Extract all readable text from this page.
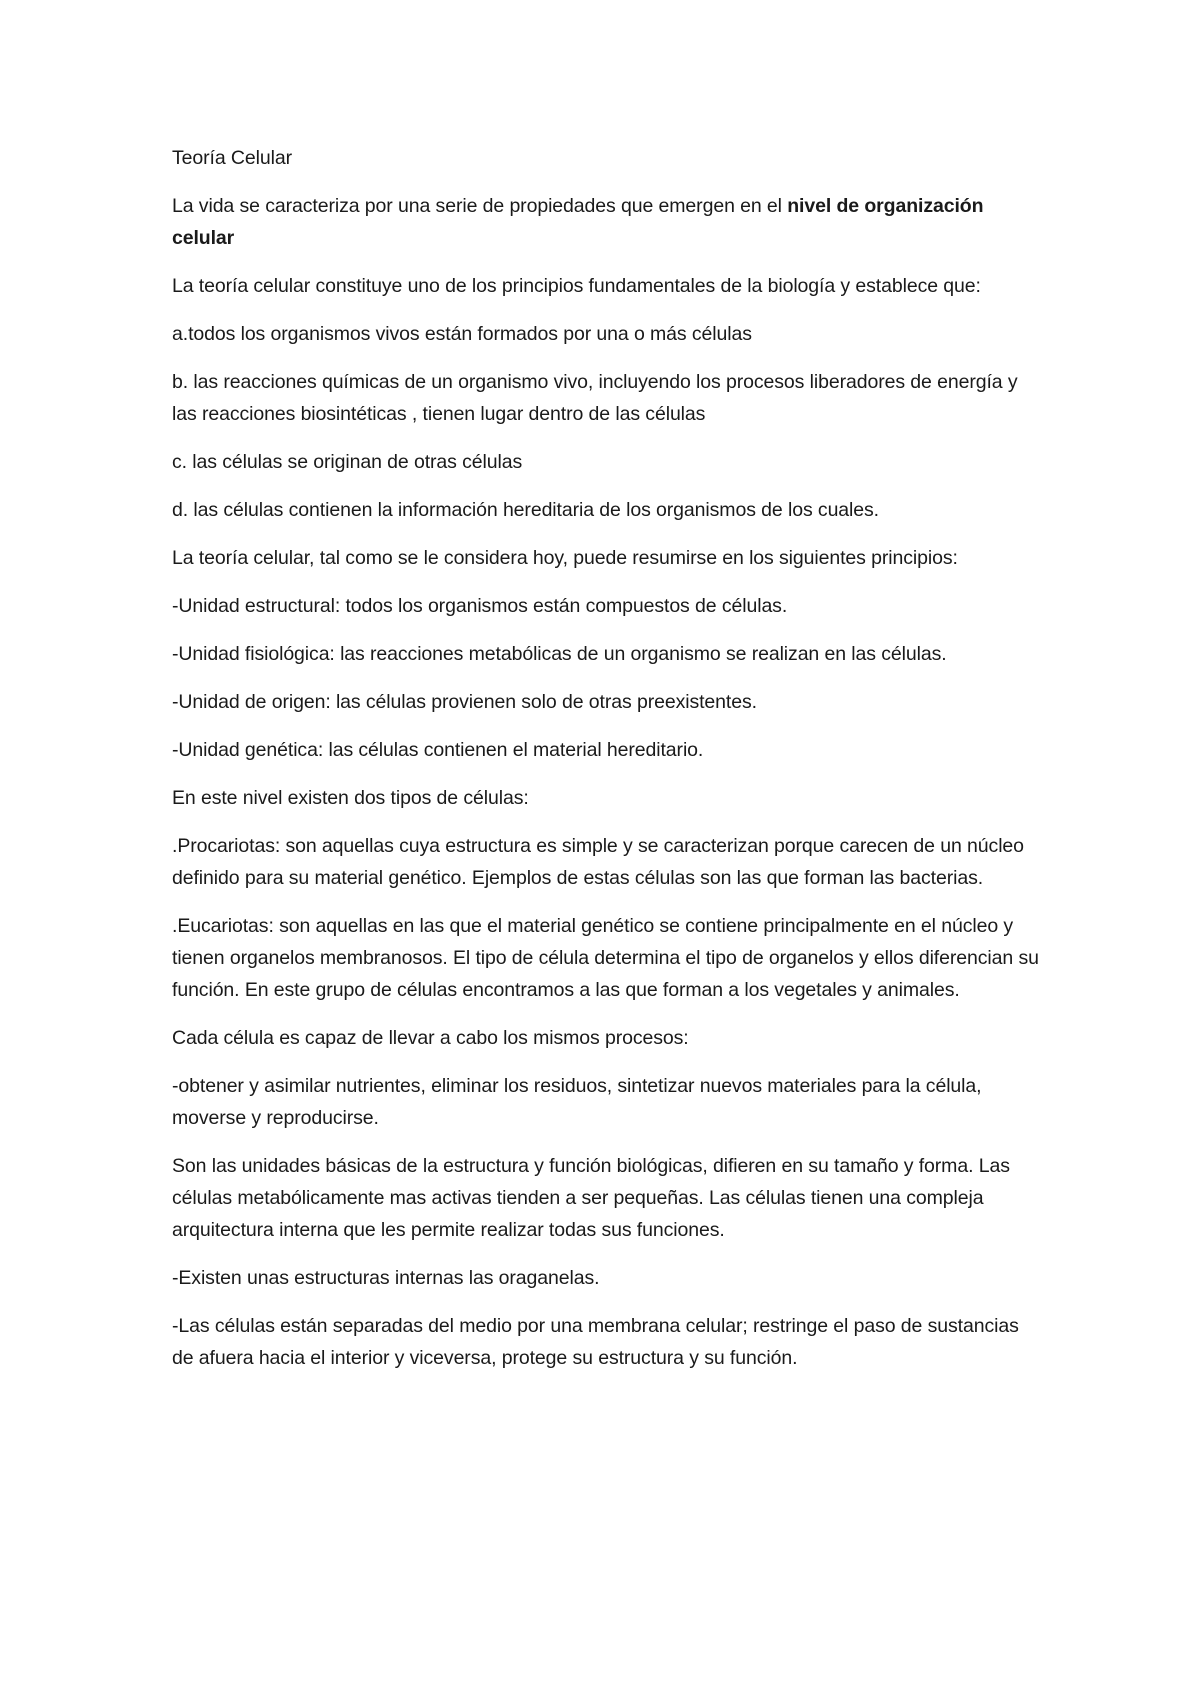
Teoría Celular

La vida se caracteriza por una serie de propiedades que emergen en el nivel de organización celular

La teoría celular constituye uno de los principios fundamentales de la biología y establece que:

a.todos los organismos vivos están formados por una o más células

b. las reacciones químicas de un organismo vivo, incluyendo los procesos liberadores de energía y las reacciones biosintéticas , tienen lugar dentro de las células

c. las células se originan de otras células

d. las células contienen la información hereditaria de los organismos de los cuales.

La teoría celular, tal como se le considera hoy, puede resumirse en los siguientes principios:

-Unidad estructural: todos los organismos están compuestos de células.

-Unidad fisiológica: las reacciones metabólicas de un organismo se realizan en las células.

-Unidad de origen: las células provienen solo de otras preexistentes.

-Unidad genética: las células contienen el material hereditario.

En este nivel existen dos tipos de células:

.Procariotas: son aquellas cuya estructura es simple y se caracterizan porque carecen de un núcleo definido para su material genético. Ejemplos de estas células son las que forman las bacterias.

.Eucariotas: son aquellas en las que el material genético se contiene principalmente en el núcleo y tienen organelos membranosos. El tipo de célula determina el tipo de organelos y ellos diferencian su función. En este grupo de células encontramos a las que forman a los vegetales y animales.

Cada célula es capaz de llevar a cabo los mismos procesos:

-obtener y asimilar nutrientes, eliminar los residuos, sintetizar nuevos materiales para la célula, moverse y reproducirse.

Son las unidades básicas de la estructura y función biológicas, difieren en su tamaño y forma. Las células metabólicamente mas activas tienden a ser pequeñas. Las células tienen una compleja arquitectura interna que les permite realizar todas sus funciones.

-Existen unas estructuras internas las oraganelas.

-Las células están separadas del medio por una membrana celular; restringe el paso de sustancias de afuera hacia el interior y viceversa, protege su estructura y su función.
